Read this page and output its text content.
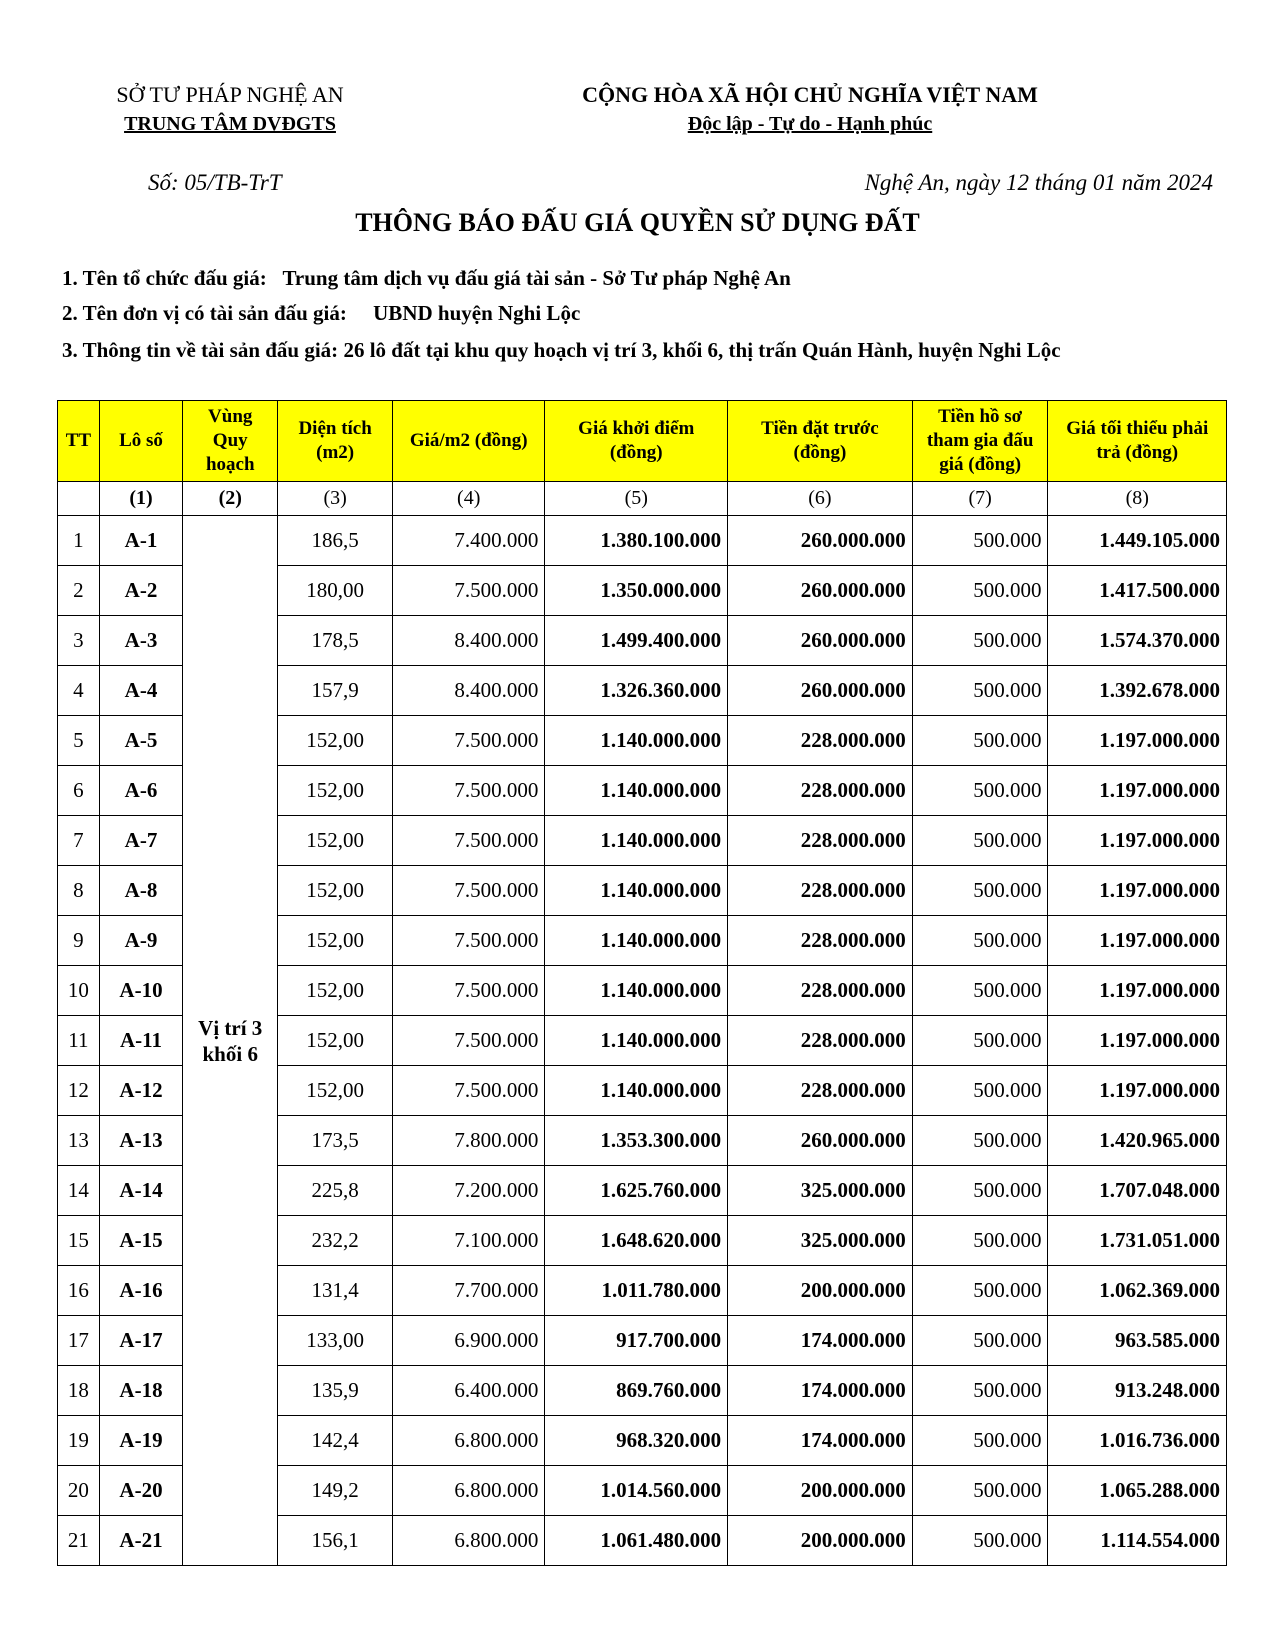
SỞ TƯ PHÁP NGHỆ AN
TRUNG TÂM DVĐGTS
CỘNG HÒA XÃ HỘI CHỦ NGHĨA VIỆT NAM
Độc lập - Tự do - Hạnh phúc
Số: 05/TB-TrT	Nghệ An, ngày 12 tháng 01 năm 2024
THÔNG BÁO ĐẤU GIÁ QUYỀN SỬ DỤNG ĐẤT
1. Tên tổ chức đấu giá: Trung tâm dịch vụ đấu giá tài sản - Sở Tư pháp Nghệ An
2. Tên đơn vị có tài sản đấu giá: UBND huyện Nghi Lộc
3. Thông tin về tài sản đấu giá: 26 lô đất tại khu quy hoạch vị trí 3, khối 6, thị trấn Quán Hành, huyện Nghi Lộc
TT	Lô số	Vùng Quy hoạch	Diện tích (m2)	Giá/m2 (đồng)	Giá khởi điểm (đồng)	Tiền đặt trước (đồng)	Tiền hồ sơ tham gia đấu giá (đồng)	Giá tối thiểu phải trả (đồng)
	(1)	(2)	(3)	(4)	(5)	(6)	(7)	(8)
1	A-1	Vị trí 3 khối 6	186,5	7.400.000	1.380.100.000	260.000.000	500.000	1.449.105.000
2	A-2		180,00	7.500.000	1.350.000.000	260.000.000	500.000	1.417.500.000
3	A-3		178,5	8.400.000	1.499.400.000	260.000.000	500.000	1.574.370.000
4	A-4		157,9	8.400.000	1.326.360.000	260.000.000	500.000	1.392.678.000
5	A-5		152,00	7.500.000	1.140.000.000	228.000.000	500.000	1.197.000.000
6	A-6		152,00	7.500.000	1.140.000.000	228.000.000	500.000	1.197.000.000
7	A-7		152,00	7.500.000	1.140.000.000	228.000.000	500.000	1.197.000.000
8	A-8		152,00	7.500.000	1.140.000.000	228.000.000	500.000	1.197.000.000
9	A-9		152,00	7.500.000	1.140.000.000	228.000.000	500.000	1.197.000.000
10	A-10		152,00	7.500.000	1.140.000.000	228.000.000	500.000	1.197.000.000
11	A-11		152,00	7.500.000	1.140.000.000	228.000.000	500.000	1.197.000.000
12	A-12		152,00	7.500.000	1.140.000.000	228.000.000	500.000	1.197.000.000
13	A-13		173,5	7.800.000	1.353.300.000	260.000.000	500.000	1.420.965.000
14	A-14		225,8	7.200.000	1.625.760.000	325.000.000	500.000	1.707.048.000
15	A-15		232,2	7.100.000	1.648.620.000	325.000.000	500.000	1.731.051.000
16	A-16		131,4	7.700.000	1.011.780.000	200.000.000	500.000	1.062.369.000
17	A-17		133,00	6.900.000	917.700.000	174.000.000	500.000	963.585.000
18	A-18		135,9	6.400.000	869.760.000	174.000.000	500.000	913.248.000
19	A-19		142,4	6.800.000	968.320.000	174.000.000	500.000	1.016.736.000
20	A-20		149,2	6.800.000	1.014.560.000	200.000.000	500.000	1.065.288.000
21	A-21		156,1	6.800.000	1.061.480.000	200.000.000	500.000	1.114.554.000
